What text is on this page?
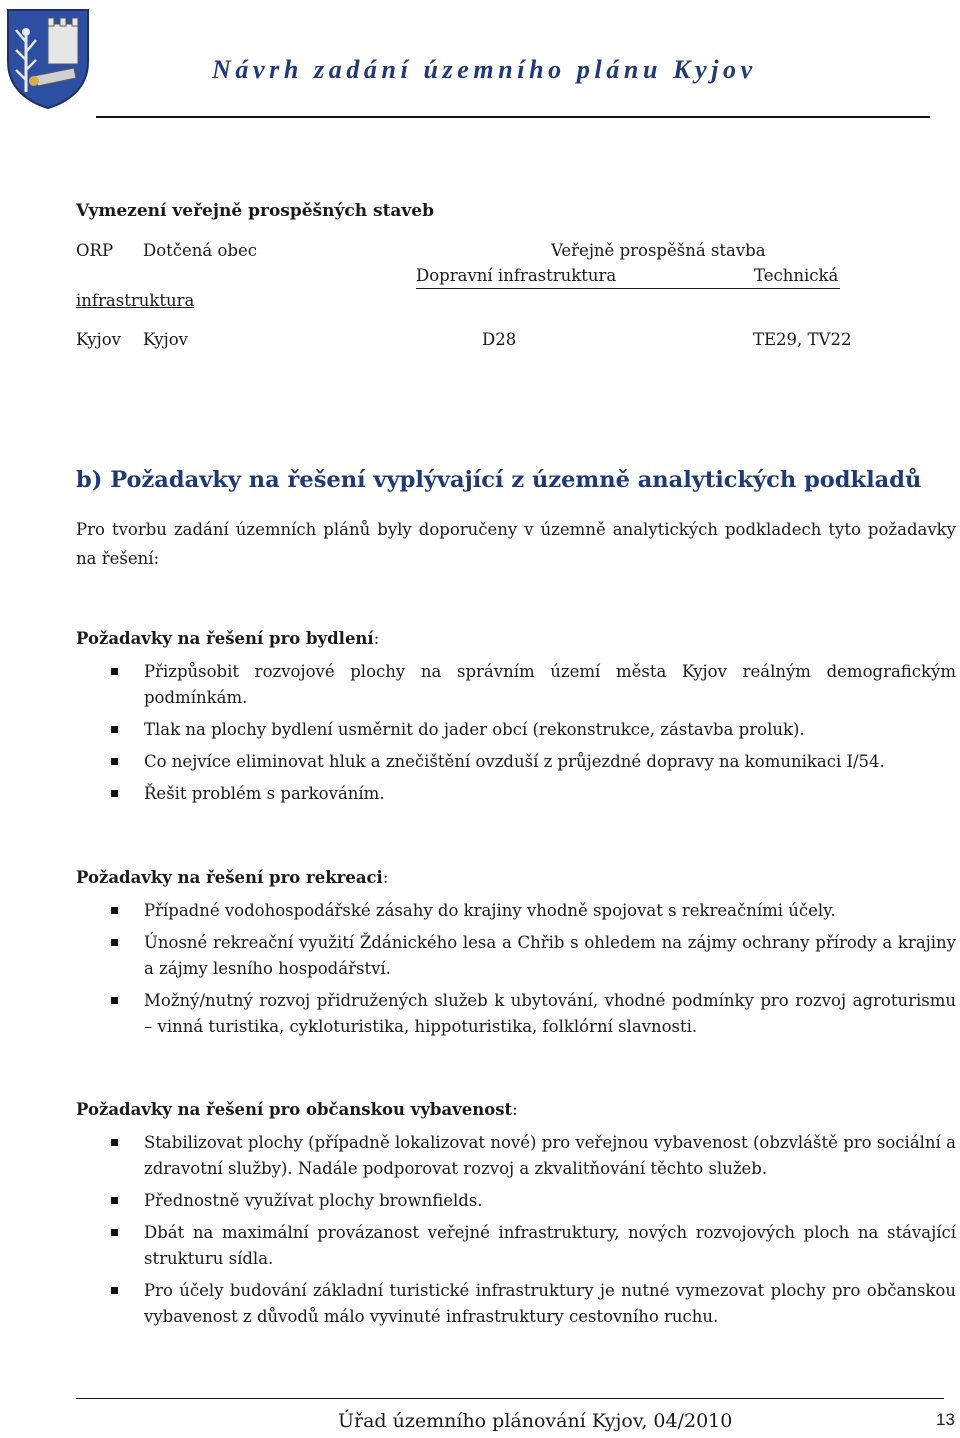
Návrh zadání územního plánu Kyjov
Vymezení veřejně prospěšných staveb
ORP Dotčená obec	Veřejně prospěšná stavba
Dopravní infrastruktura	Technická
infrastruktura
Kyjov Kyjov	D28	TE29, TV22
b) Požadavky na řešení vyplývající z územně analytických podkladů
Pro tvorbu zadání územních plánů byly doporučeny v územně analytických podkladech tyto požadavky na řešení:
Požadavky na řešení pro bydlení:
Přizpůsobit rozvojové plochy na správním území města Kyjov reálným demografickým podmínkám.
Tlak na plochy bydlení usměrnit do jader obcí (rekonstrukce, zástavba proluk).
Co nejvíce eliminovat hluk a znečištění ovzduší z průjezdné dopravy na komunikaci I/54.
Řešit problém s parkováním.
Požadavky na řešení pro rekreaci:
Případné vodohospodářské zásahy do krajiny vhodně spojovat s rekreačními účely.
Únosné rekreační využití Ždánického lesa a Chřib s ohledem na zájmy ochrany přírody a krajiny a zájmy lesního hospodářství.
Možný/nutný rozvoj přidružených služeb k ubytování, vhodné podmínky pro rozvoj agroturismu – vinná turistika, cykloturistika, hippoturistika, folklórní slavnosti.
Požadavky na řešení pro občanskou vybavenost:
Stabilizovat plochy (případně lokalizovat nové) pro veřejnou vybavenost (obzvláště pro sociální a zdravotní služby). Nadále podporovat rozvoj a zkvalitňování těchto služeb.
Přednostně využívat plochy brownfields.
Dbát na maximální provázanost veřejné infrastruktury, nových rozvojových ploch na stávající strukturu sídla.
Pro účely budování základní turistické infrastruktury je nutné vymezovat plochy pro občanskou vybavenost z důvodů málo vyvinuté infrastruktury cestovního ruchu.
Úřad územního plánování Kyjov, 04/2010	13
